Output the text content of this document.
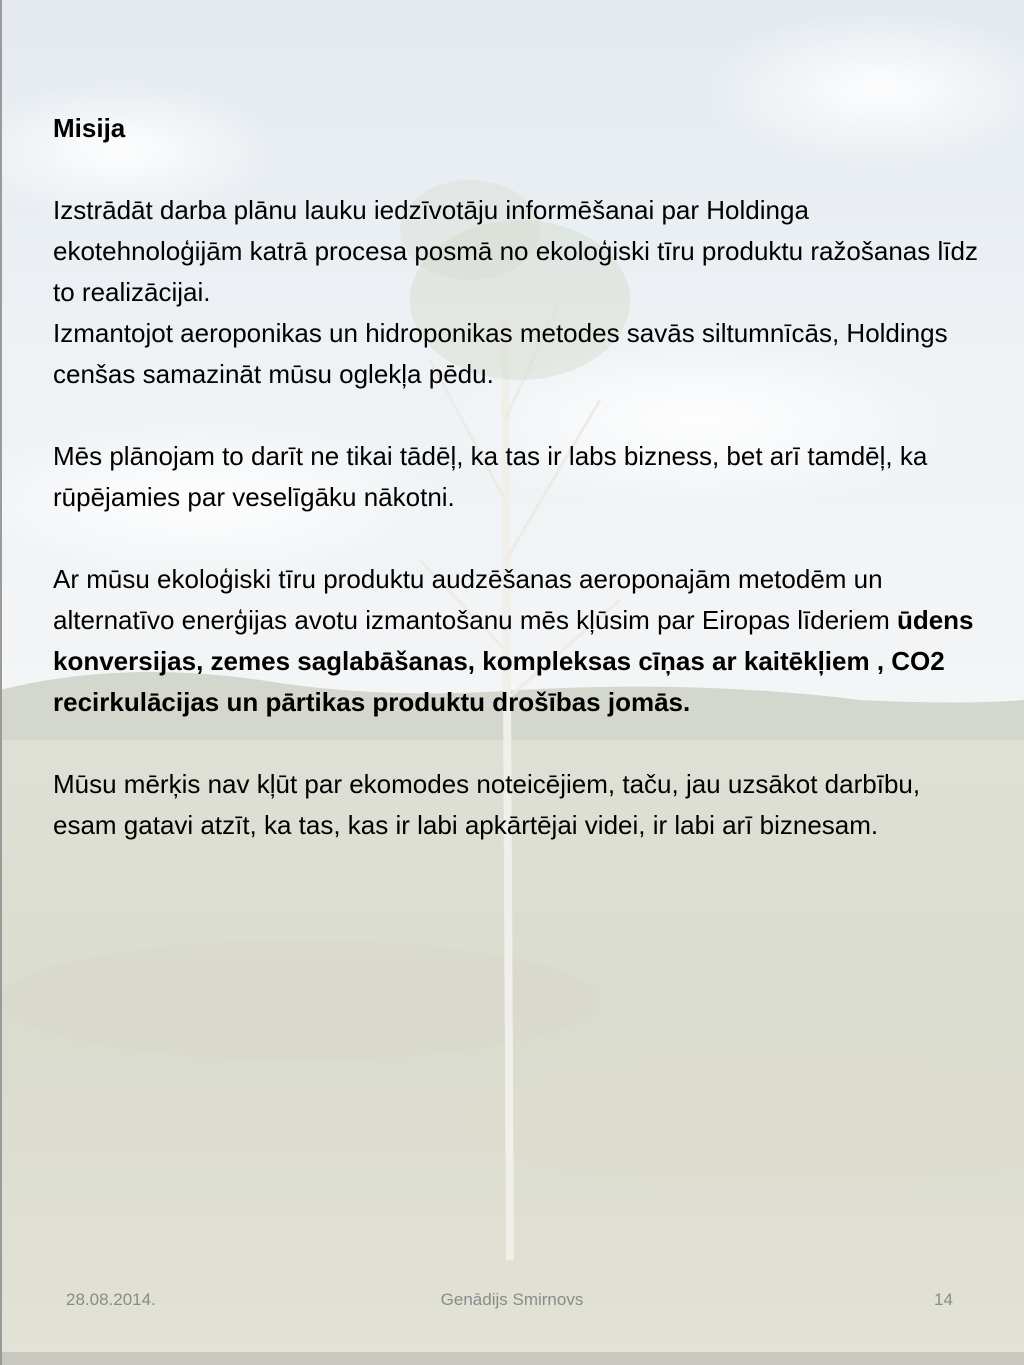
Misija

Izstrādāt darba plānu lauku iedzīvotāju informēšanai par Holdinga ekotehnoloģijām katrā procesa posmā no ekoloģiski tīru produktu ražošanas līdz to realizācijai.

Izmantojot aeroponikas un hidroponikas metodes savās siltumnīcās, Holdings cenšas samazināt mūsu oglekļa pēdu.

Mēs plānojam to darīt ne tikai tādēļ, ka tas ir labs bizness, bet arī tamdēļ, ka rūpējamies par veselīgāku nākotni.

Ar mūsu ekoloģiski tīru produktu audzēšanas aeroponajām metodēm un alternatīvo enerģijas avotu izmantošanu mēs kļūsim par Eiropas līderiem ūdens konversijas, zemes saglabāšanas, kompleksas cīņas ar kaitēkļiem , CO2 recirkulācijas un pārtikas produktu drošības jomās.

Mūsu mērķis nav kļūt par ekomodes noteicējiem, taču, jau uzsākot darbību, esam gatavi atzīt, ka tas, kas ir labi apkārtējai videi, ir labi arī biznesam.

28.08.2014.	Genādijs Smirnovs	14
